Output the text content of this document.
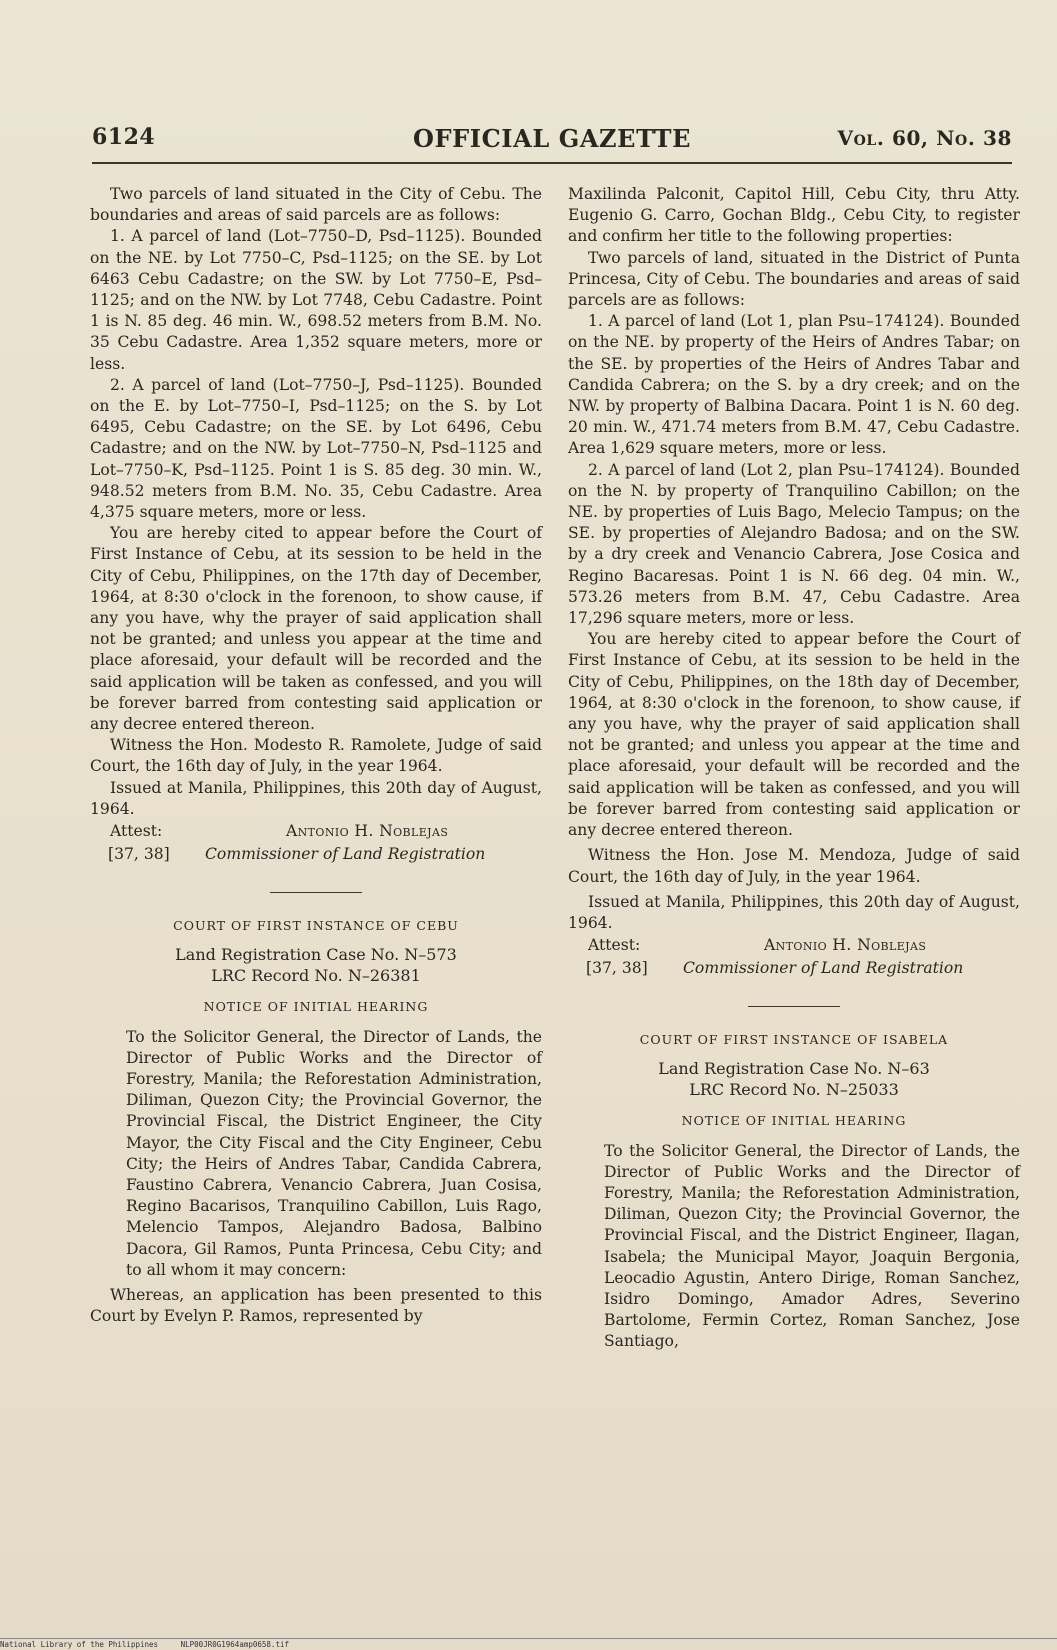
6124	OFFICIAL GAZETTE	Vol. 60, No. 38

Two parcels of land situated in the City of Cebu. The boundaries and areas of said parcels are as follows:

1. A parcel of land (Lot–7750–D, Psd–1125). Bounded on the NE. by Lot 7750–C, Psd–1125; on the SE. by Lot 6463 Cebu Cadastre; on the SW. by Lot 7750–E, Psd–1125; and on the NW. by Lot 7748, Cebu Cadastre. Point 1 is N. 85 deg. 46 min. W., 698.52 meters from B.M. No. 35 Cebu Cadastre. Area 1,352 square meters, more or less.

2. A parcel of land (Lot–7750–J, Psd–1125). Bounded on the E. by Lot–7750–I, Psd–1125; on the S. by Lot 6495, Cebu Cadastre; on the SE. by Lot 6496, Cebu Cadastre; and on the NW. by Lot–7750–N, Psd–1125 and Lot–7750–K, Psd–1125. Point 1 is S. 85 deg. 30 min. W., 948.52 meters from B.M. No. 35, Cebu Cadastre. Area 4,375 square meters, more or less.

You are hereby cited to appear before the Court of First Instance of Cebu, at its session to be held in the City of Cebu, Philippines, on the 17th day of December, 1964, at 8:30 o'clock in the forenoon, to show cause, if any you have, why the prayer of said application shall not be granted; and unless you appear at the time and place aforesaid, your default will be recorded and the said application will be taken as confessed, and you will be forever barred from contesting said application or any decree entered thereon.

Witness the Hon. Modesto R. Ramolete, Judge of said Court, the 16th day of July, in the year 1964.

Issued at Manila, Philippines, this 20th day of August, 1964.

Attest:	Antonio H. Noblejas
[37, 38] Commissioner of Land Registration
COURT OF FIRST INSTANCE OF CEBU
Land Registration Case No. N–573
LRC Record No. N–26381
NOTICE OF INITIAL HEARING

To the Solicitor General, the Director of Lands, the Director of Public Works and the Director of Forestry, Manila; the Reforestation Administration, Diliman, Quezon City; the Provincial Governor, the Provincial Fiscal, the District Engineer, the City Mayor, the City Fiscal and the City Engineer, Cebu City; the Heirs of Andres Tabar, Candida Cabrera, Faustino Cabrera, Venancio Cabrera, Juan Cosisa, Regino Bacarisos, Tranquilino Cabillon, Luis Rago, Melencio Tampos, Alejandro Badosa, Balbino Dacora, Gil Ramos, Punta Princesa, Cebu City; and to all whom it may concern:

Whereas, an application has been presented to this Court by Evelyn P. Ramos, represented by

Maxilinda Palconit, Capitol Hill, Cebu City, thru Atty. Eugenio G. Carro, Gochan Bldg., Cebu City, to register and confirm her title to the following properties:

Two parcels of land, situated in the District of Punta Princesa, City of Cebu. The boundaries and areas of said parcels are as follows:

1. A parcel of land (Lot 1, plan Psu–174124). Bounded on the NE. by property of the Heirs of Andres Tabar; on the SE. by properties of the Heirs of Andres Tabar and Candida Cabrera; on the S. by a dry creek; and on the NW. by property of Balbina Dacara. Point 1 is N. 60 deg. 20 min. W., 471.74 meters from B.M. 47, Cebu Cadastre. Area 1,629 square meters, more or less.

2. A parcel of land (Lot 2, plan Psu–174124). Bounded on the N. by property of Tranquilino Cabillon; on the NE. by properties of Luis Bago, Melecio Tampus; on the SE. by properties of Alejandro Badosa; and on the SW. by a dry creek and Venancio Cabrera, Jose Cosica and Regino Bacaresas. Point 1 is N. 66 deg. 04 min. W., 573.26 meters from B.M. 47, Cebu Cadastre. Area 17,296 square meters, more or less.

You are hereby cited to appear before the Court of First Instance of Cebu, at its session to be held in the City of Cebu, Philippines, on the 18th day of December, 1964, at 8:30 o'clock in the forenoon, to show cause, if any you have, why the prayer of said application shall not be granted; and unless you appear at the time and place aforesaid, your default will be recorded and the said application will be taken as confessed, and you will be forever barred from contesting said application or any decree entered thereon.

Witness the Hon. Jose M. Mendoza, Judge of said Court, the 16th day of July, in the year 1964.

Issued at Manila, Philippines, this 20th day of August, 1964.

Attest:	Antonio H. Noblejas
[37, 38] Commissioner of Land Registration
COURT OF FIRST INSTANCE OF ISABELA
Land Registration Case No. N–63
LRC Record No. N–25033
NOTICE OF INITIAL HEARING

To the Solicitor General, the Director of Lands, the Director of Public Works and the Director of Forestry, Manila; the Reforestation Administration, Diliman, Quezon City; the Provincial Governor, the Provincial Fiscal, and the District Engineer, Ilagan, Isabela; the Municipal Mayor, Joaquin Bergonia, Leocadio Agustin, Antero Dirige, Roman Sanchez, Isidro Domingo, Amador Adres, Severino Bartolome, Fermin Cortez, Roman Sanchez, Jose Santiago,

National Library of the Philippines     NLP00JR0G1964amp0658.tif
